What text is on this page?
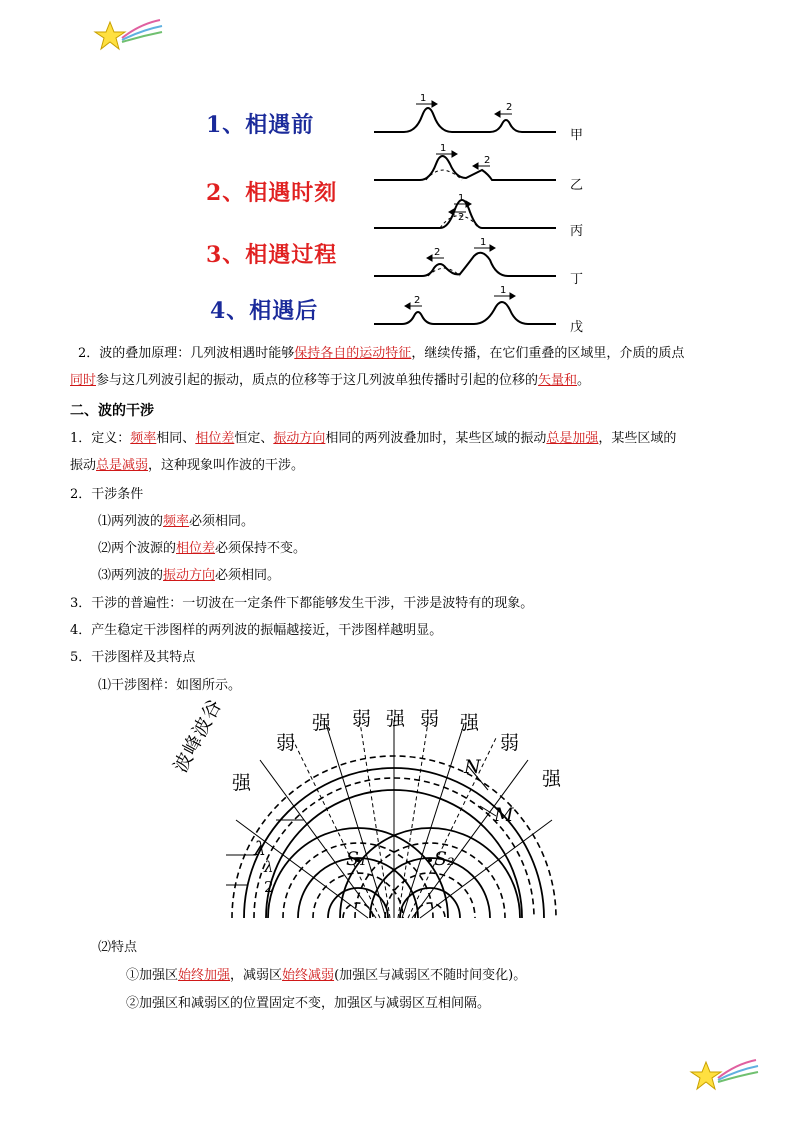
1、相遇前
2、相遇时刻
3、相遇过程
4、相遇后
1
2
1
2
1
2
2
1
2
1
甲
乙
丙
丁
戊
2．波的叠加原理：几列波相遇时能够保持各自的运动特征，继续传播，在它们重叠的区域里，介质的质点
同时参与这几列波引起的振动，质点的位移等于这几列波单独传播时引起的位移的矢量和。
二、波的干涉
1．定义：频率相同、相位差恒定、振动方向相同的两列波叠加时，某些区域的振动总是加强，某些区域的
振动总是减弱，这种现象叫作波的干涉。
2．干涉条件
⑴两列波的频率必须相同。
⑵两个波源的相位差必须保持不变。
⑶两列波的振动方向必须相同。
3．干涉的普遍性：一切波在一定条件下都能够发生干涉，干涉是波特有的现象。
4．产生稳定干涉图样的两列波的振幅越接近，干涉图样越明显。
5．干涉图样及其特点
⑴干涉图样：如图所示。
强 弱 强 弱 强
弱	弱
强
强
波峰波谷	N
M
S₁	S₂
λ
λ
2
⑵特点
①加强区始终加强，减弱区始终减弱(加强区与减弱区不随时间变化)。
②加强区和减弱区的位置固定不变，加强区与减弱区互相间隔。
